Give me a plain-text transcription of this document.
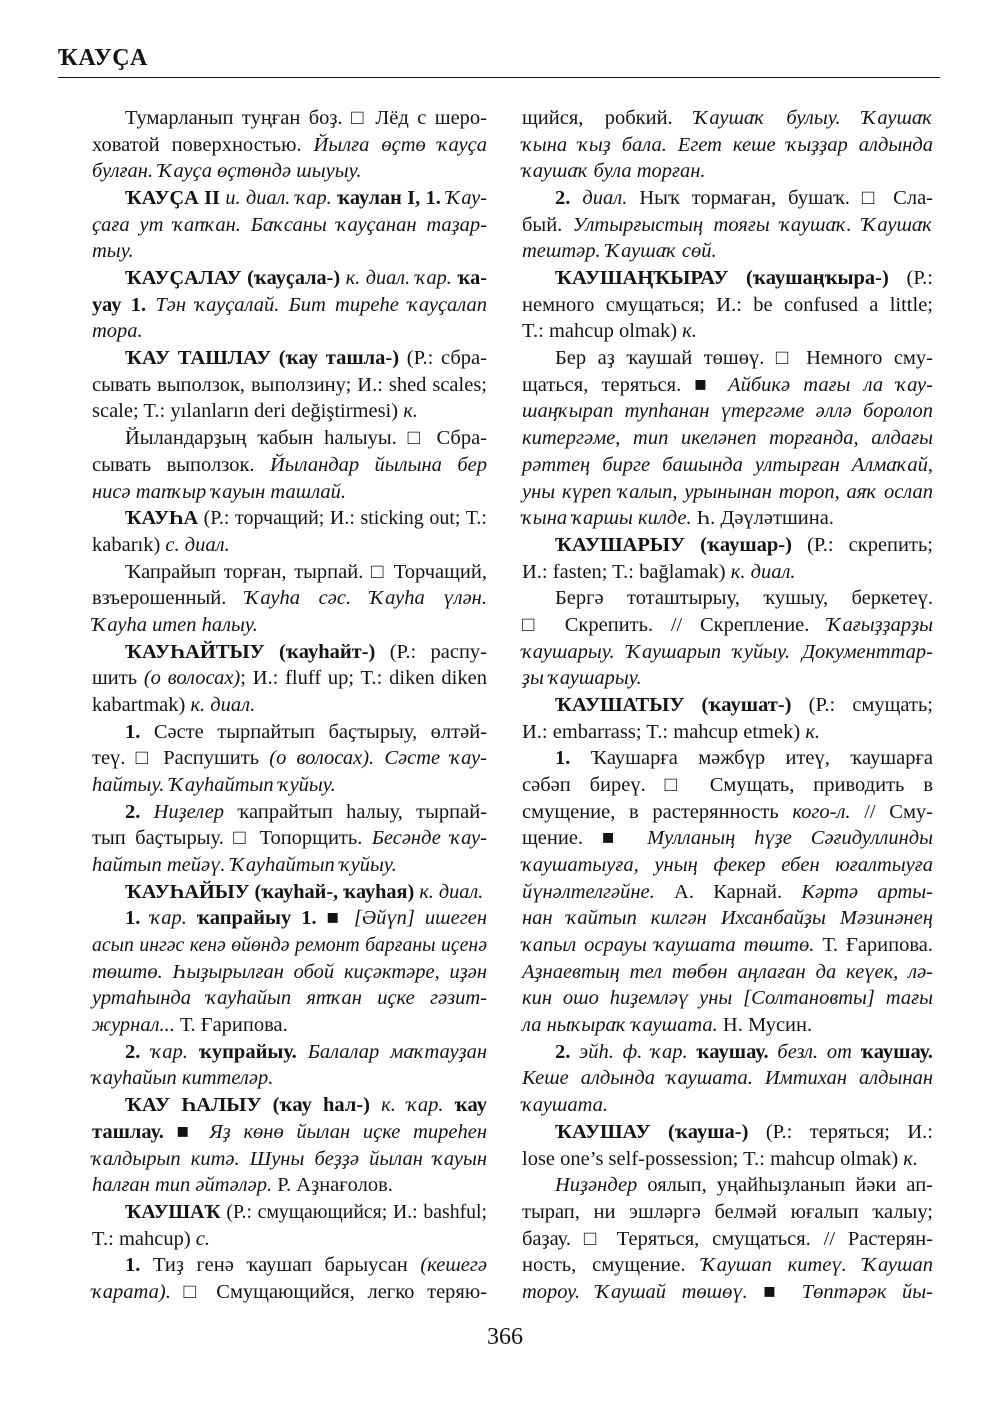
ҠАУҪА
Тумарланып туңған боҙ. □ Лёд с шеро-
ховатой поверхностью. Йылға өҫтө ҡауҫа
булған. Ҡауҫа өҫтөндә шыуыу.
ҠАУҪА II и. диал. ҡар. ҡаулан I, 1. Ҡау-
ҫаға ут ҡапҡан. Баҡсаны ҡауҫанан таҙар-
тыу.
ҠАУҪАЛАУ (ҡауҫала-) к. диал. ҡар. ҡа-
уау 1. Тән ҡауҫалай. Бит тиреһе ҡауҫалап
тора.
ҠАУ ТАШЛАУ (ҡау ташла-) (Р.: сбра-
сывать выползок, выползину; И.: shed scales;
scale; T.: yılanların deri değiştirmesi) к.
Йыландарҙың ҡабын һалыуы. □ Сбра-
сывать выползок. Йыландар йылына бер
нисә тапҡыр ҡауын ташлай.
ҠАУҺА (Р.: торчащий; И.: sticking out; T.:
kabarık) с. диал.
Ҡапрайып торған, тырпай. □ Торчащий,
взъерошенный. Ҡауһа сәс. Ҡауһа үлән.
Ҡауһа итеп һалыу.
ҠАУҺАЙТЫУ (ҡауһайт-) (Р.: распу-
шить (о волосах); И.: fluff up; T.: diken diken
kabartmak) к. диал.
1. Сәсте тырпайтып баҫтырыу, өлтәй-
теү. □ Распушить (о волосах). Сәсте ҡау-
һайтыу. Ҡауһайтып ҡуйыу.
2. Ниҙелер ҡапрайтып һалыу, тырпай-
тып баҫтырыу. □ Топорщить. Бесәнде ҡау-
һайтып тейәү. Ҡауһайтып ҡуйыу.
ҠАУҺАЙЫУ (ҡауһай-, ҡауһая) к. диал.
1. ҡар. ҡапрайыу 1. ■ [Әйүп] ишеген
асып ингәс кенә өйөндә ремонт барғаны иҫенә
төштө. Һыҙырылған обой киҫәктәре, иҙән
уртаһында ҡауһайып ятҡан иҫке гәзит-
журнал... Т. Ғарипова.
2. ҡар. ҡупрайыу. Балалар маҡтауҙан
ҡауһайып киттеләр.
ҠАУ ҺАЛЫУ (ҡау һал-) к. ҡар. ҡау
ташлау. ■ Яҙ көнө йылан иҫке тиреһен
ҡалдырып китә. Шуны беҙҙә йылан ҡауын
һалған тип әйтәләр. Р. Аҙнағолов.
ҠАУШАҠ (Р.: смущающийся; И.: bashful;
T.: mahcup) с.
1. Тиҙ генә ҡаушап барыусан (кешегә
ҡарата). □ Смущающийся, легко теряю-
щийся, робкий. Ҡаушаҡ булыу. Ҡаушаҡ
ҡына ҡыҙ бала. Егет кеше ҡыҙҙар алдында
ҡаушаҡ була торған.
2. диал. Ныҡ тормаған, бушаҡ. □ Сла-
бый. Ултырғыстың тояғы ҡаушаҡ. Ҡаушаҡ
тештәр. Ҡаушаҡ сөй.
ҠАУШАҢҠЫРАУ (ҡаушаңҡыра-) (Р.:
немного смущаться; И.: be confused a little;
T.: mahcup olmak) к.
Бер аҙ ҡаушай төшөү. □ Немного сму-
щаться, теряться. ■ Айбикә тағы ла ҡау-
шаңҡырап тупһанан үтергәме әллә боролоп
китергәме, тип икеләнеп торғанда, алдағы
рәттең бирге башында ултырған Алмаҡай,
уны күреп ҡалып, урынынан тороп, аяҡ ослап
ҡына ҡаршы килде. Һ. Дәүләтшина.
ҠАУШАРЫУ (ҡаушар-) (Р.: скрепить;
И.: fasten; T.: bağlamak) к. диал.
Бергә тоташтырыу, ҡушыу, беркетеү.
□ Скрепить. // Скрепление. Ҡағыҙҙарҙы
ҡаушарыу. Ҡаушарып ҡуйыу. Документтар-
ҙы ҡаушарыу.
ҠАУШАТЫУ (ҡаушат-) (Р.: смущать;
И.: embarrass; T.: mahcup etmek) к.
1. Ҡаушарға мәжбүр итеү, ҡаушарға
сәбәп биреү. □ Смущать, приводить в
смущение, в растерянность кого-л. // Сму-
щение. ■ Мулланың һүҙе Сәғидуллинды
ҡаушатыуға, уның фекер ебен юғалтыуға
йүнәлтелгәйне. А. Карнай. Кәртә арты-
нан ҡайтып килгән Ихсанбайҙы Мәзинәнең
ҡапыл осрауы ҡаушата төштө. Т. Ғарипова.
Аҙнаевтың тел төбөн аңлаған да кеүек, лә-
кин ошо һиҙемләү уны [Солтановты] тағы
ла ныҡыраҡ ҡаушата. Н. Мусин.
2. эйһ. ф. ҡар. ҡаушау. безл. от ҡаушау.
Кеше алдында ҡаушата. Имтихан алдынан
ҡаушата.
ҠАУШАУ (ҡауша-) (Р.: теряться; И.:
lose one’s self-possession; T.: mahcup olmak) к.
Ниҙәндер оялып, уңайһыҙланып йәки ап-
тырап, ни эшләргә белмәй юғалып ҡалыу;
баҙау. □ Теряться, смущаться. // Растерян-
ность, смущение. Ҡаушап китеү. Ҡаушап
тороу. Ҡаушай төшөү. ■ Төптәрәк йы-
366
